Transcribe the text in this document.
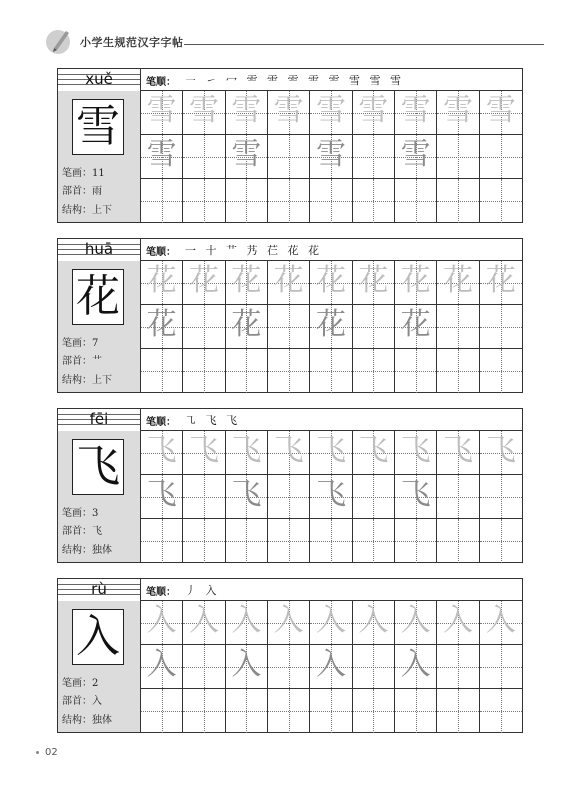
小学生规范汉字字帖
xuě
雪
笔画：11
部首：雨
结构：上下
笔顺： ㇐ ㇀ 冖 ⻗ ⻗ ⻗ ⻗ ⻗ 雪 雪 雪
雪 雪 雪 雪 雪 雪 雪 雪 雪
雪 雪 雪 雪
huā
花
笔画：7
部首：艹
结构：上下
笔顺： 一 十 艹 艿 芢 花 花
花 花 花 花 花 花 花 花 花
花 花 花 花
fēi
飞
笔画：3
部首：飞
结构：独体
笔顺： ㇈ 飞 飞
飞 飞 飞 飞 飞 飞 飞 飞 飞
飞 飞 飞 飞
rù
入
笔画：2
部首：入
结构：独体
笔顺： 丿 入
入 入 入 入 入 入 入 入 入
入 入 入 入
02
